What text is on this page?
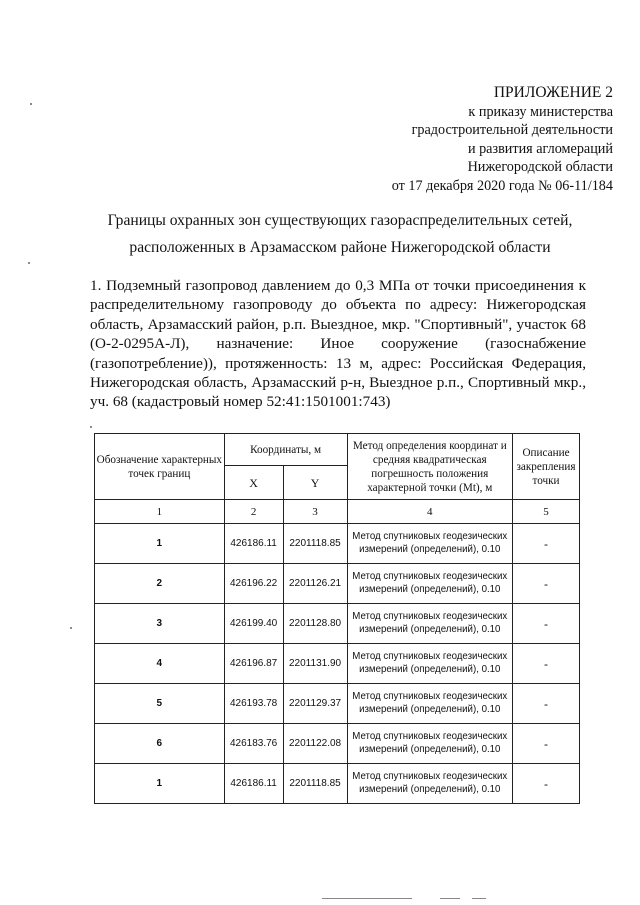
ПРИЛОЖЕНИЕ 2
к приказу министерства
градостроительной деятельности
и развития агломераций
Нижегородской области
от 17 декабря 2020 года № 06-11/184
Границы охранных зон существующих газораспределительных сетей,
расположенных в Арзамасском районе Нижегородской области
1. Подземный газопровод давлением до 0,3 МПа от точки присоединения к
распределительному газопроводу до объекта по адресу: Нижегородская
область, Арзамасский район, р.п. Выездное, мкр. "Спортивный", участок 68
(О-2-0295А-Л), назначение: Иное сооружение (газоснабжение
(газопотребление)), протяженность: 13 м, адрес: Российская Федерация,
Нижегородская область, Арзамасский р-н, Выездное р.п., Спортивный мкр.,
уч. 68 (кадастровый номер 52:41:1501001:743)
Обозначение характерных точек границ	Координаты, м		Метод определения координат и средняя квадратическая погрешность положения характерной точки (Mt), м	Описание закрепления точки
	X	Y		
1	2	3	4	5
1	426186.11	2201118.85	Метод спутниковых геодезических измерений (определений), 0.10	-
2	426196.22	2201126.21	Метод спутниковых геодезических измерений (определений), 0.10	-
3	426199.40	2201128.80	Метод спутниковых геодезических измерений (определений), 0.10	-
4	426196.87	2201131.90	Метод спутниковых геодезических измерений (определений), 0.10	-
5	426193.78	2201129.37	Метод спутниковых геодезических измерений (определений), 0.10	-
6	426183.76	2201122.08	Метод спутниковых геодезических измерений (определений), 0.10	-
1	426186.11	2201118.85	Метод спутниковых геодезических измерений (определений), 0.10	-
